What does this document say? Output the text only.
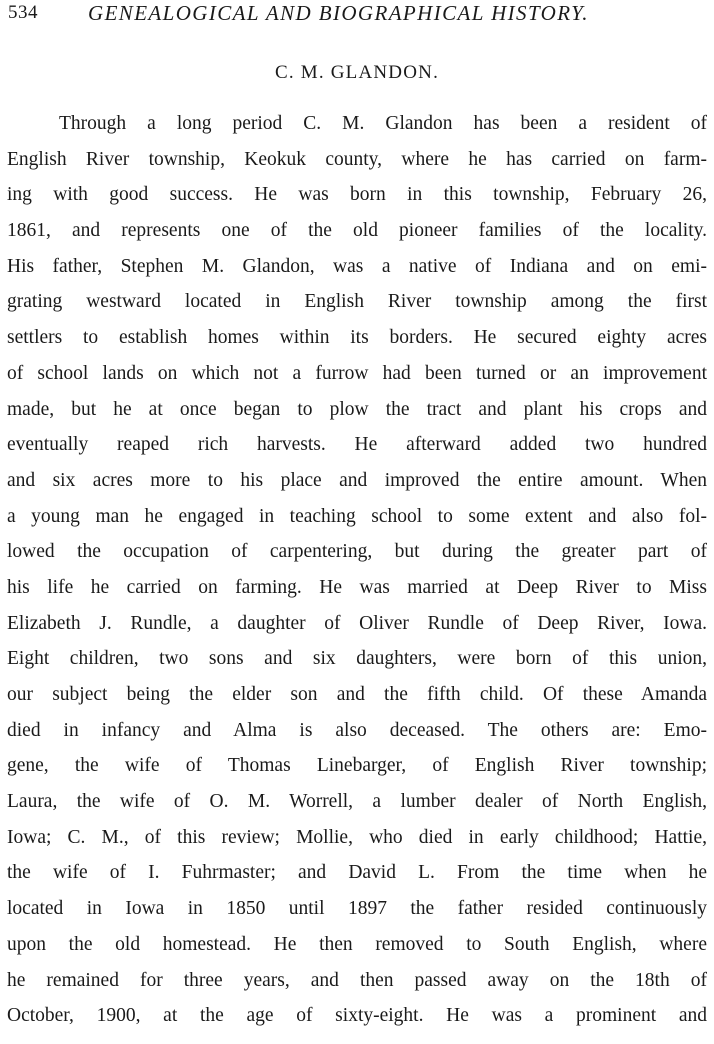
534 GENEALOGICAL AND BIOGRAPHICAL HISTORY.
C. M. GLANDON.
Through a long period C. M. Glandon has been a resident of
English River township, Keokuk county, where he has carried on farm-
ing with good success. He was born in this township, February 26,
1861, and represents one of the old pioneer families of the locality.
His father, Stephen M. Glandon, was a native of Indiana and on emi-
grating westward located in English River township among the first
settlers to establish homes within its borders. He secured eighty acres
of school lands on which not a furrow had been turned or an improvement
made, but he at once began to plow the tract and plant his crops and
eventually reaped rich harvests. He afterward added two hundred
and six acres more to his place and improved the entire amount. When
a young man he engaged in teaching school to some extent and also fol-
lowed the occupation of carpentering, but during the greater part of
his life he carried on farming. He was married at Deep River to Miss
Elizabeth J. Rundle, a daughter of Oliver Rundle of Deep River, Iowa.
Eight children, two sons and six daughters, were born of this union,
our subject being the elder son and the fifth child. Of these Amanda
died in infancy and Alma is also deceased. The others are: Emo-
gene, the wife of Thomas Linebarger, of English River township;
Laura, the wife of O. M. Worrell, a lumber dealer of North English,
Iowa; C. M., of this review; Mollie, who died in early childhood; Hattie,
the wife of I. Fuhrmaster; and David L. From the time when he
located in Iowa in 1850 until 1897 the father resided continuously
upon the old homestead. He then removed to South English, where
he remained for three years, and then passed away on the 18th of
October, 1900, at the age of sixty-eight. He was a prominent and
